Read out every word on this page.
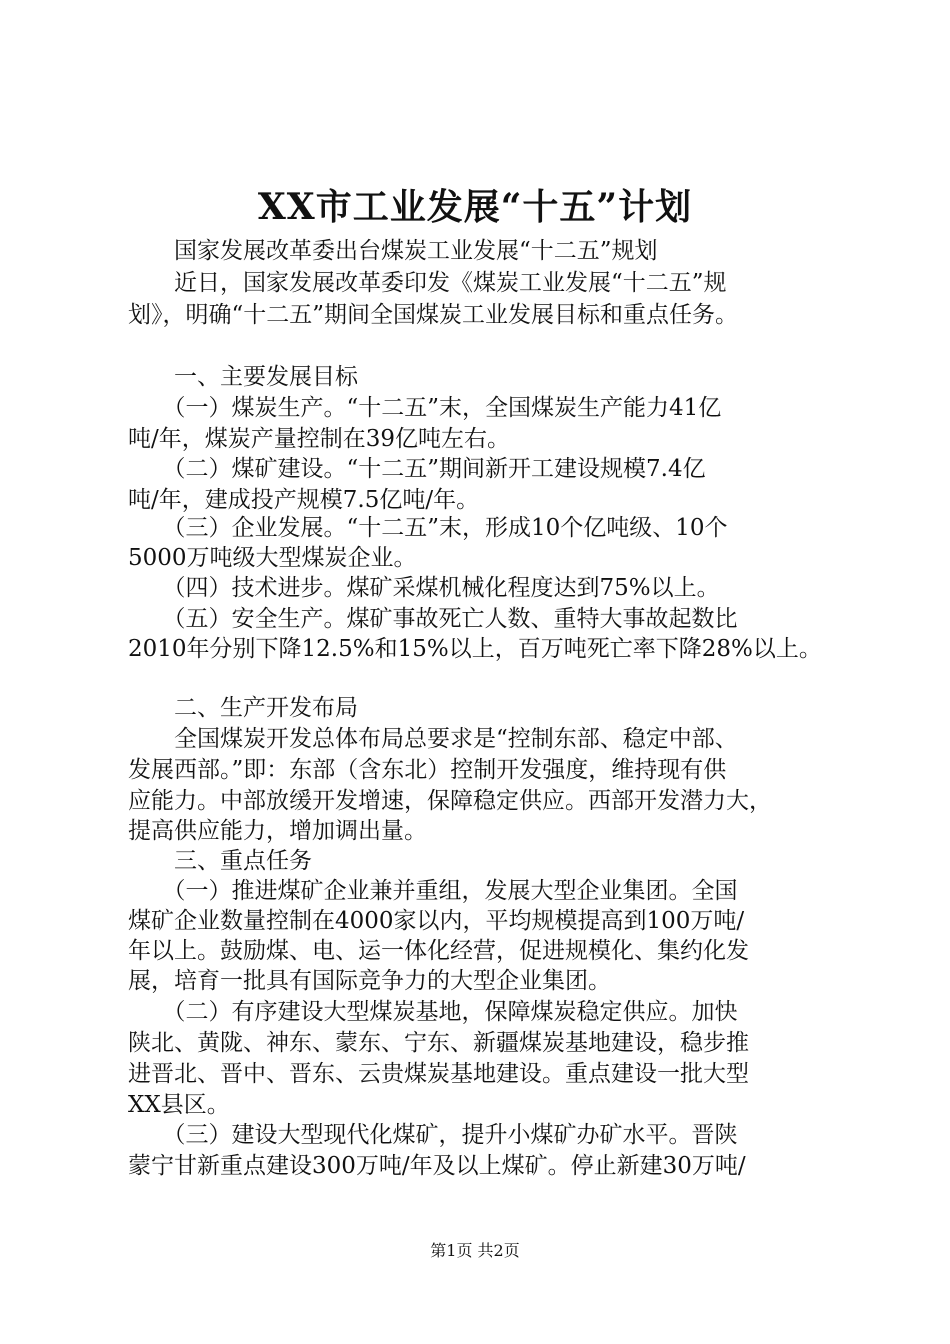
XX市工业发展“十五”计划
　　国家发展改革委出台煤炭工业发展“十二五”规划
　　近日，国家发展改革委印发《煤炭工业发展“十二五”规
划》，明确“十二五”期间全国煤炭工业发展目标和重点任务。
　　一、主要发展目标
　　（一）煤炭生产。“十二五”末，全国煤炭生产能力41亿
吨/年，煤炭产量控制在39亿吨左右。
　　（二）煤矿建设。“十二五”期间新开工建设规模7.4亿
吨/年，建成投产规模7.5亿吨/年。
　　（三）企业发展。“十二五”末，形成10个亿吨级、10个
5000万吨级大型煤炭企业。
　　（四）技术进步。煤矿采煤机械化程度达到75%以上。
　　（五）安全生产。煤矿事故死亡人数、重特大事故起数比
2010年分别下降12.5%和15%以上，百万吨死亡率下降28%以上。
　　二、生产开发布局
　　全国煤炭开发总体布局总要求是“控制东部、稳定中部、
发展西部。”即：东部（含东北）控制开发强度，维持现有供
应能力。中部放缓开发增速，保障稳定供应。西部开发潜力大，
提高供应能力，增加调出量。
　　三、重点任务
　　（一）推进煤矿企业兼并重组，发展大型企业集团。全国
煤矿企业数量控制在4000家以内，平均规模提高到100万吨/
年以上。鼓励煤、电、运一体化经营，促进规模化、集约化发
展，培育一批具有国际竞争力的大型企业集团。
　　（二）有序建设大型煤炭基地，保障煤炭稳定供应。加快
陕北、黄陇、神东、蒙东、宁东、新疆煤炭基地建设，稳步推
进晋北、晋中、晋东、云贵煤炭基地建设。重点建设一批大型
XX县区。
　　（三）建设大型现代化煤矿，提升小煤矿办矿水平。晋陕
蒙宁甘新重点建设300万吨/年及以上煤矿。停止新建30万吨/
第1页 共2页
